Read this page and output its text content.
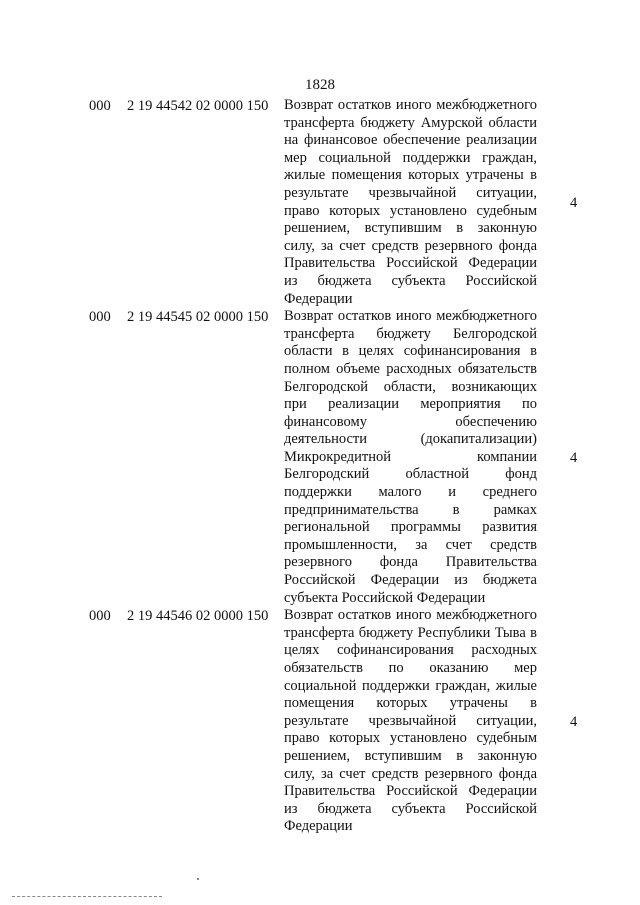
1828
000 2 19 44542 02 0000 150 Возврат остатков иного межбюджетного
трансферта бюджету Амурской области
на финансовое обеспечение реализации
мер социальной поддержки граждан,
жилые помещения которых утрачены в
результате чрезвычайной ситуации,
право которых установлено судебным
решением, вступившим в законную
силу, за счет средств резервного фонда
Правительства Российской Федерации
из бюджета субъекта Российской
Федерации
4
000 2 19 44545 02 0000 150 Возврат остатков иного межбюджетного
трансферта бюджету Белгородской
области в целях софинансирования в
полном объеме расходных обязательств
Белгородской области, возникающих
при реализации мероприятия по
финансовому обеспечению
деятельности (докапитализации)
Микрокредитной компании
Белгородский областной фонд
поддержки малого и среднего
предпринимательства в рамках
региональной программы развития
промышленности, за счет средств
резервного фонда Правительства
Российской Федерации из бюджета
субъекта Российской Федерации
4
000 2 19 44546 02 0000 150 Возврат остатков иного межбюджетного
трансферта бюджету Республики Тыва в
целях софинансирования расходных
обязательств по оказанию мер
социальной поддержки граждан, жилые
помещения которых утрачены в
результате чрезвычайной ситуации,
право которых установлено судебным
решением, вступившим в законную
силу, за счет средств резервного фонда
Правительства Российской Федерации
из бюджета субъекта Российской
Федерации
4
